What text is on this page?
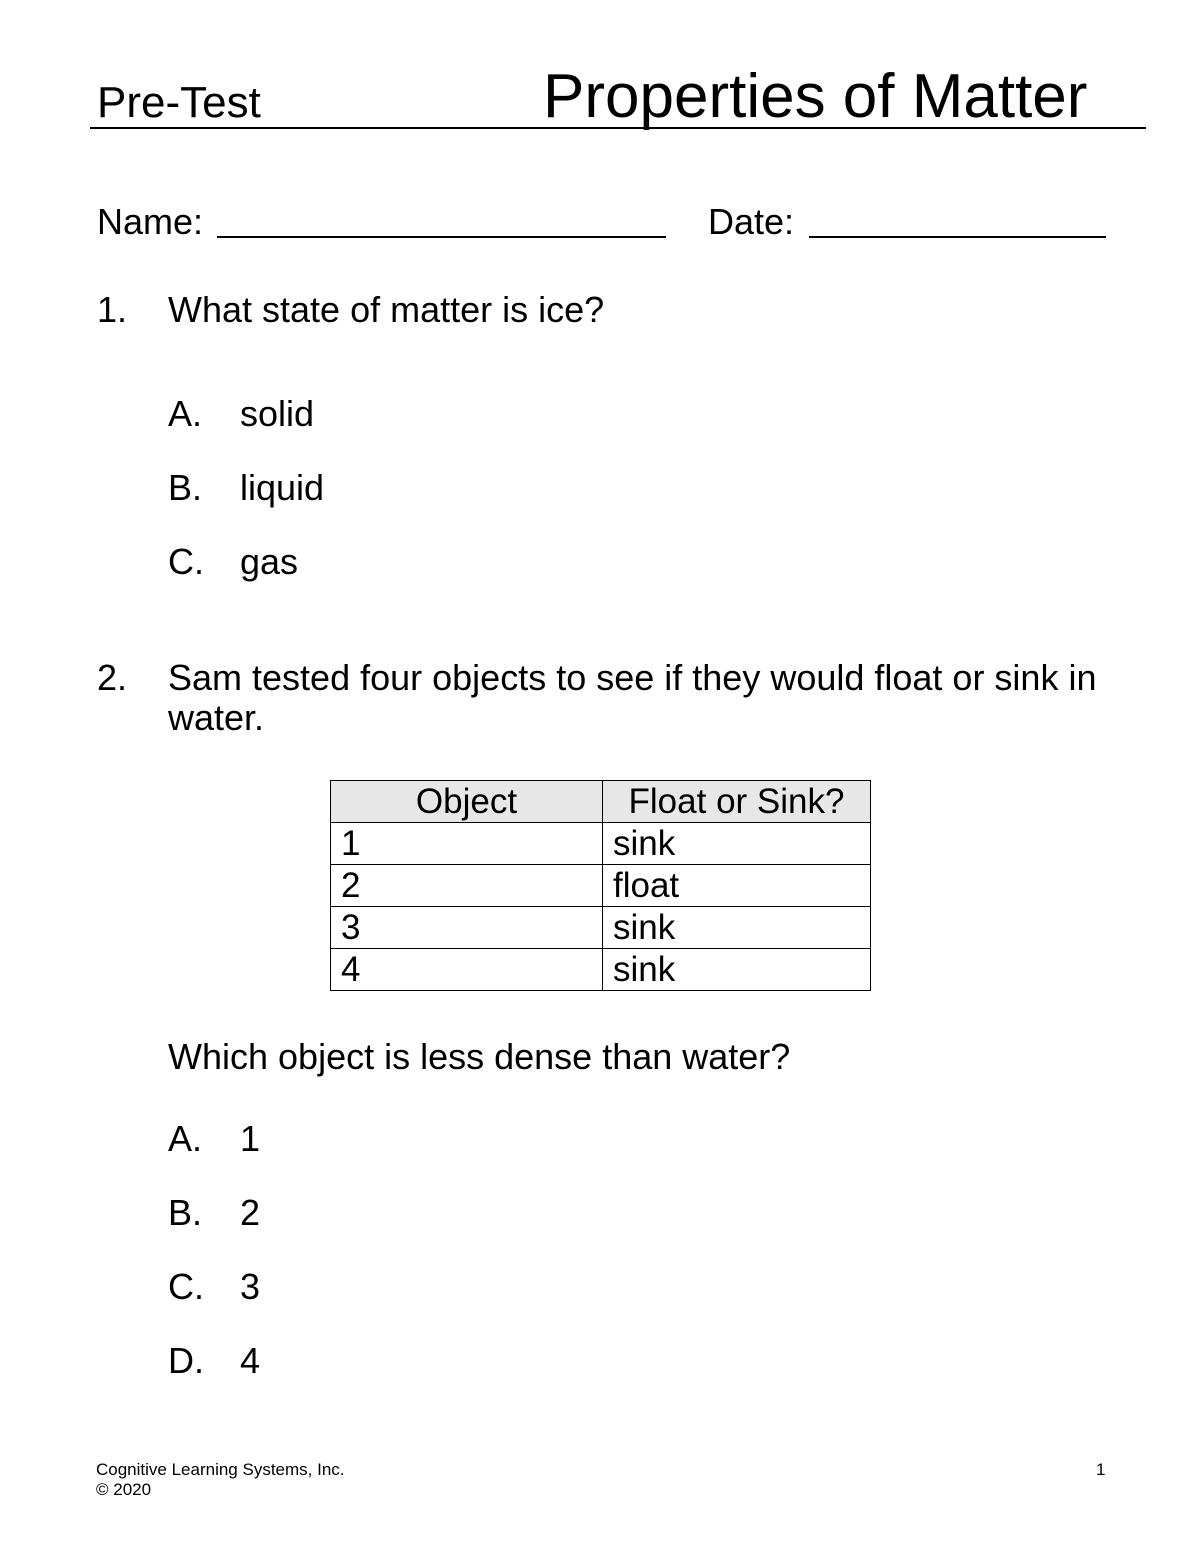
Pre-Test	Properties of Matter
Name:	Date:
1. What state of matter is ice?
A. solid
B. liquid
C. gas
2. Sam tested four objects to see if they would float or sink in
water.
Object	Float or Sink?
1	sink
2	float
3	sink
4	sink
Which object is less dense than water?
A. 1
B. 2
C. 3
D. 4
Cognitive Learning Systems, Inc.
© 2020
1
